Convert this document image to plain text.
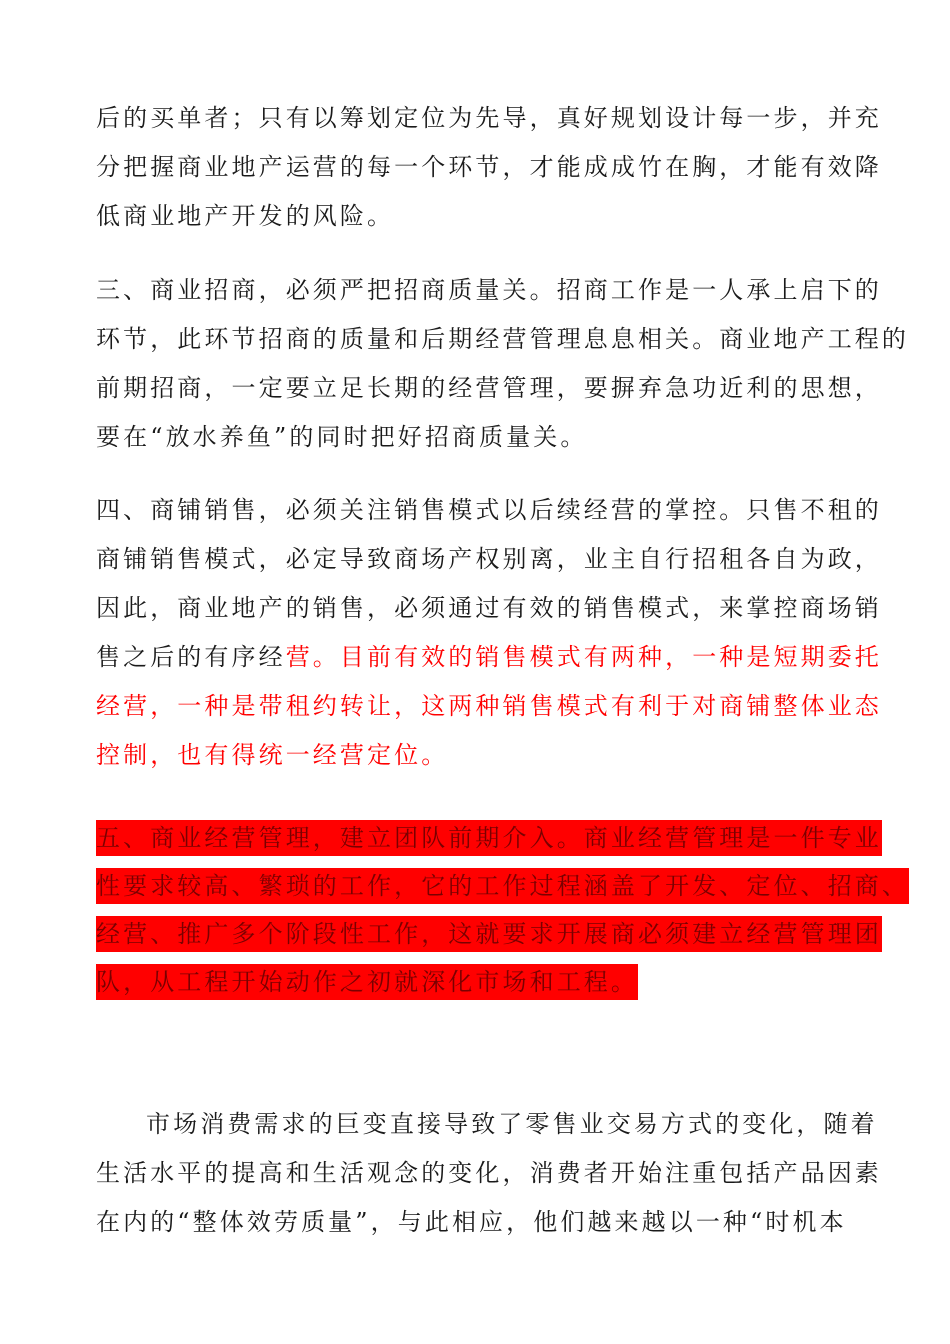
后的买单者；只有以筹划定位为先导，真好规划设计每一步，并充
分把握商业地产运营的每一个环节，才能成成竹在胸，才能有效降
低商业地产开发的风险。
三、商业招商，必须严把招商质量关。招商工作是一人承上启下的
环节，此环节招商的质量和后期经营管理息息相关。商业地产工程的
前期招商，一定要立足长期的经营管理，要摒弃急功近利的思想，
要在“放水养鱼”的同时把好招商质量关。
四、商铺销售，必须关注销售模式以后续经营的掌控。只售不租的
商铺销售模式，必定导致商场产权别离，业主自行招租各自为政，
因此，商业地产的销售，必须通过有效的销售模式，来掌控商场销
售之后的有序经营。目前有效的销售模式有两种，一种是短期委托
经营，一种是带租约转让，这两种销售模式有利于对商铺整体业态
控制，也有得统一经营定位。
五、商业经营管理，建立团队前期介入。商业经营管理是一件专业
性要求较高、繁琐的工作，它的工作过程涵盖了开发、定位、招商、
经营、推广多个阶段性工作，这就要求开展商必须建立经营管理团
队，从工程开始动作之初就深化市场和工程。
市场消费需求的巨变直接导致了零售业交易方式的变化，随着
生活水平的提高和生活观念的变化，消费者开始注重包括产品因素
在内的“整体效劳质量”，与此相应，他们越来越以一种“时机本
